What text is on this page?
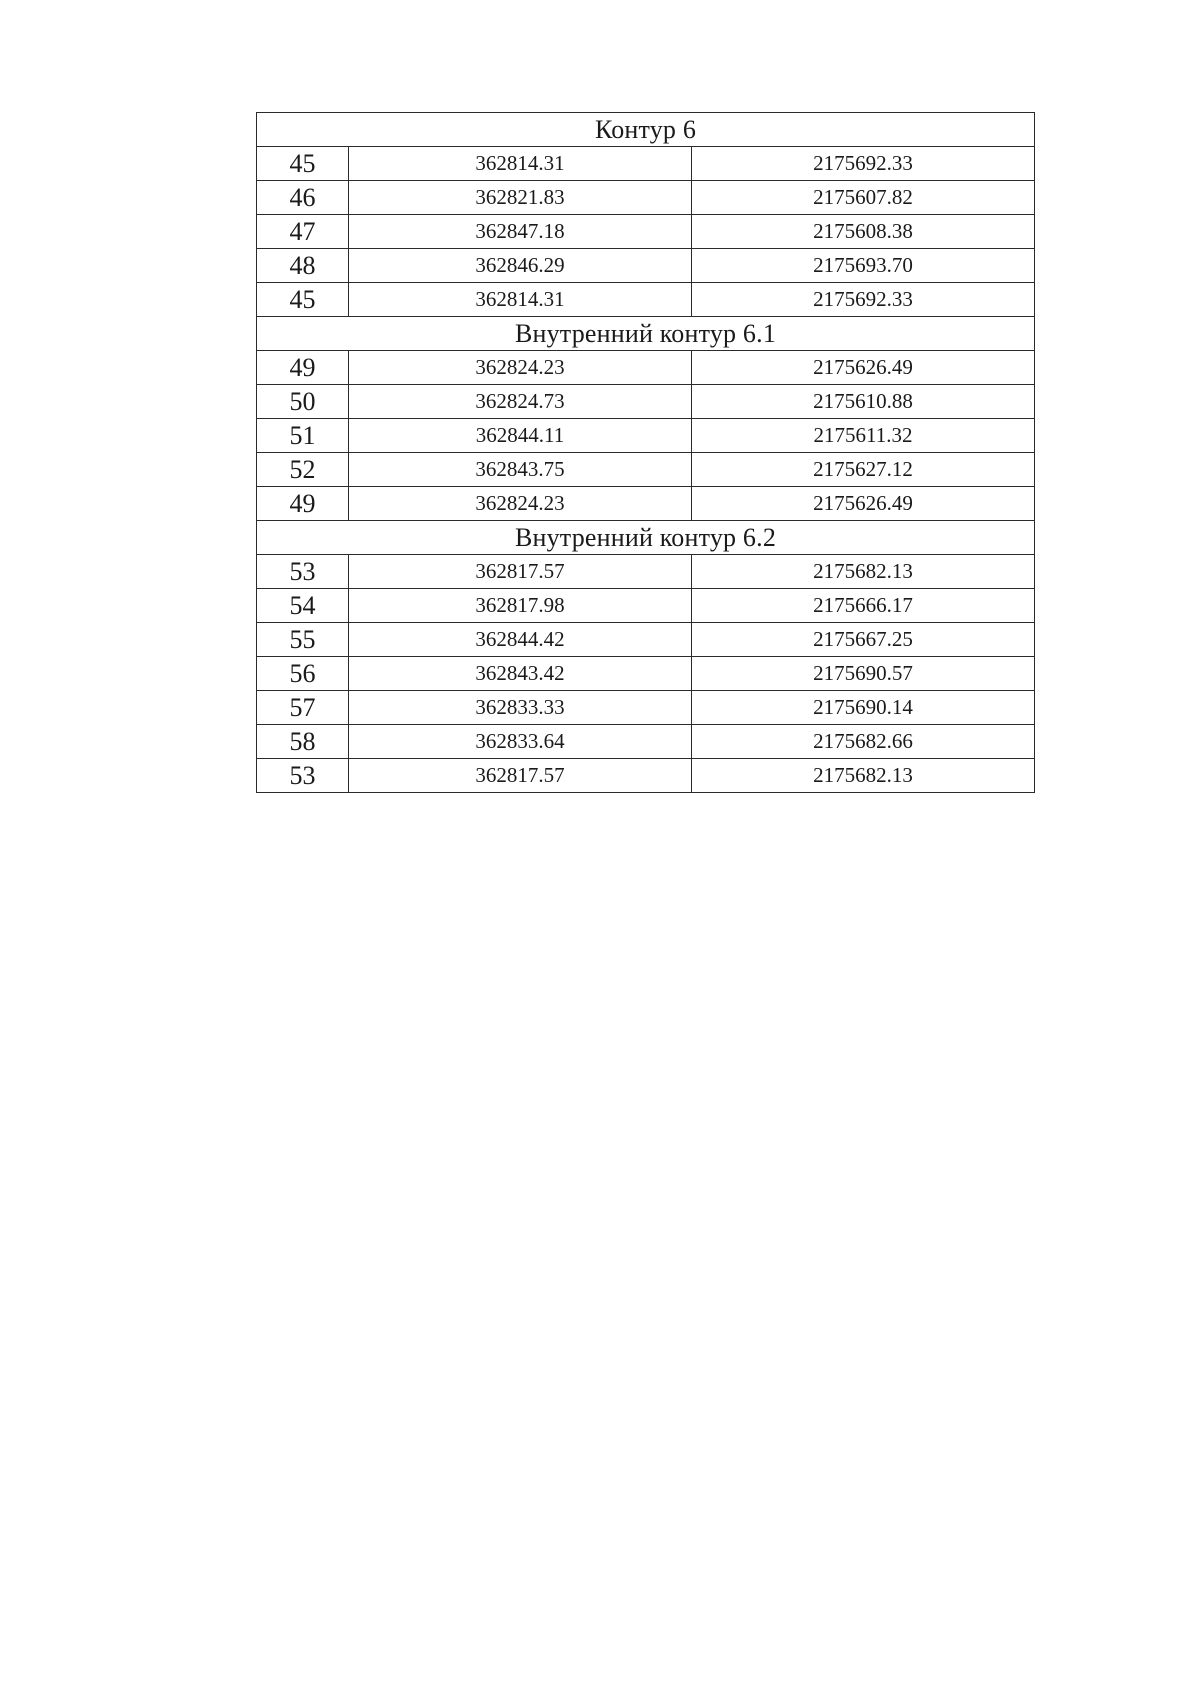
Контур 6		
45	362814.31	2175692.33
46	362821.83	2175607.82
47	362847.18	2175608.38
48	362846.29	2175693.70
45	362814.31	2175692.33
Внутренний контур 6.1		
49	362824.23	2175626.49
50	362824.73	2175610.88
51	362844.11	2175611.32
52	362843.75	2175627.12
49	362824.23	2175626.49
Внутренний контур 6.2		
53	362817.57	2175682.13
54	362817.98	2175666.17
55	362844.42	2175667.25
56	362843.42	2175690.57
57	362833.33	2175690.14
58	362833.64	2175682.66
53	362817.57	2175682.13
